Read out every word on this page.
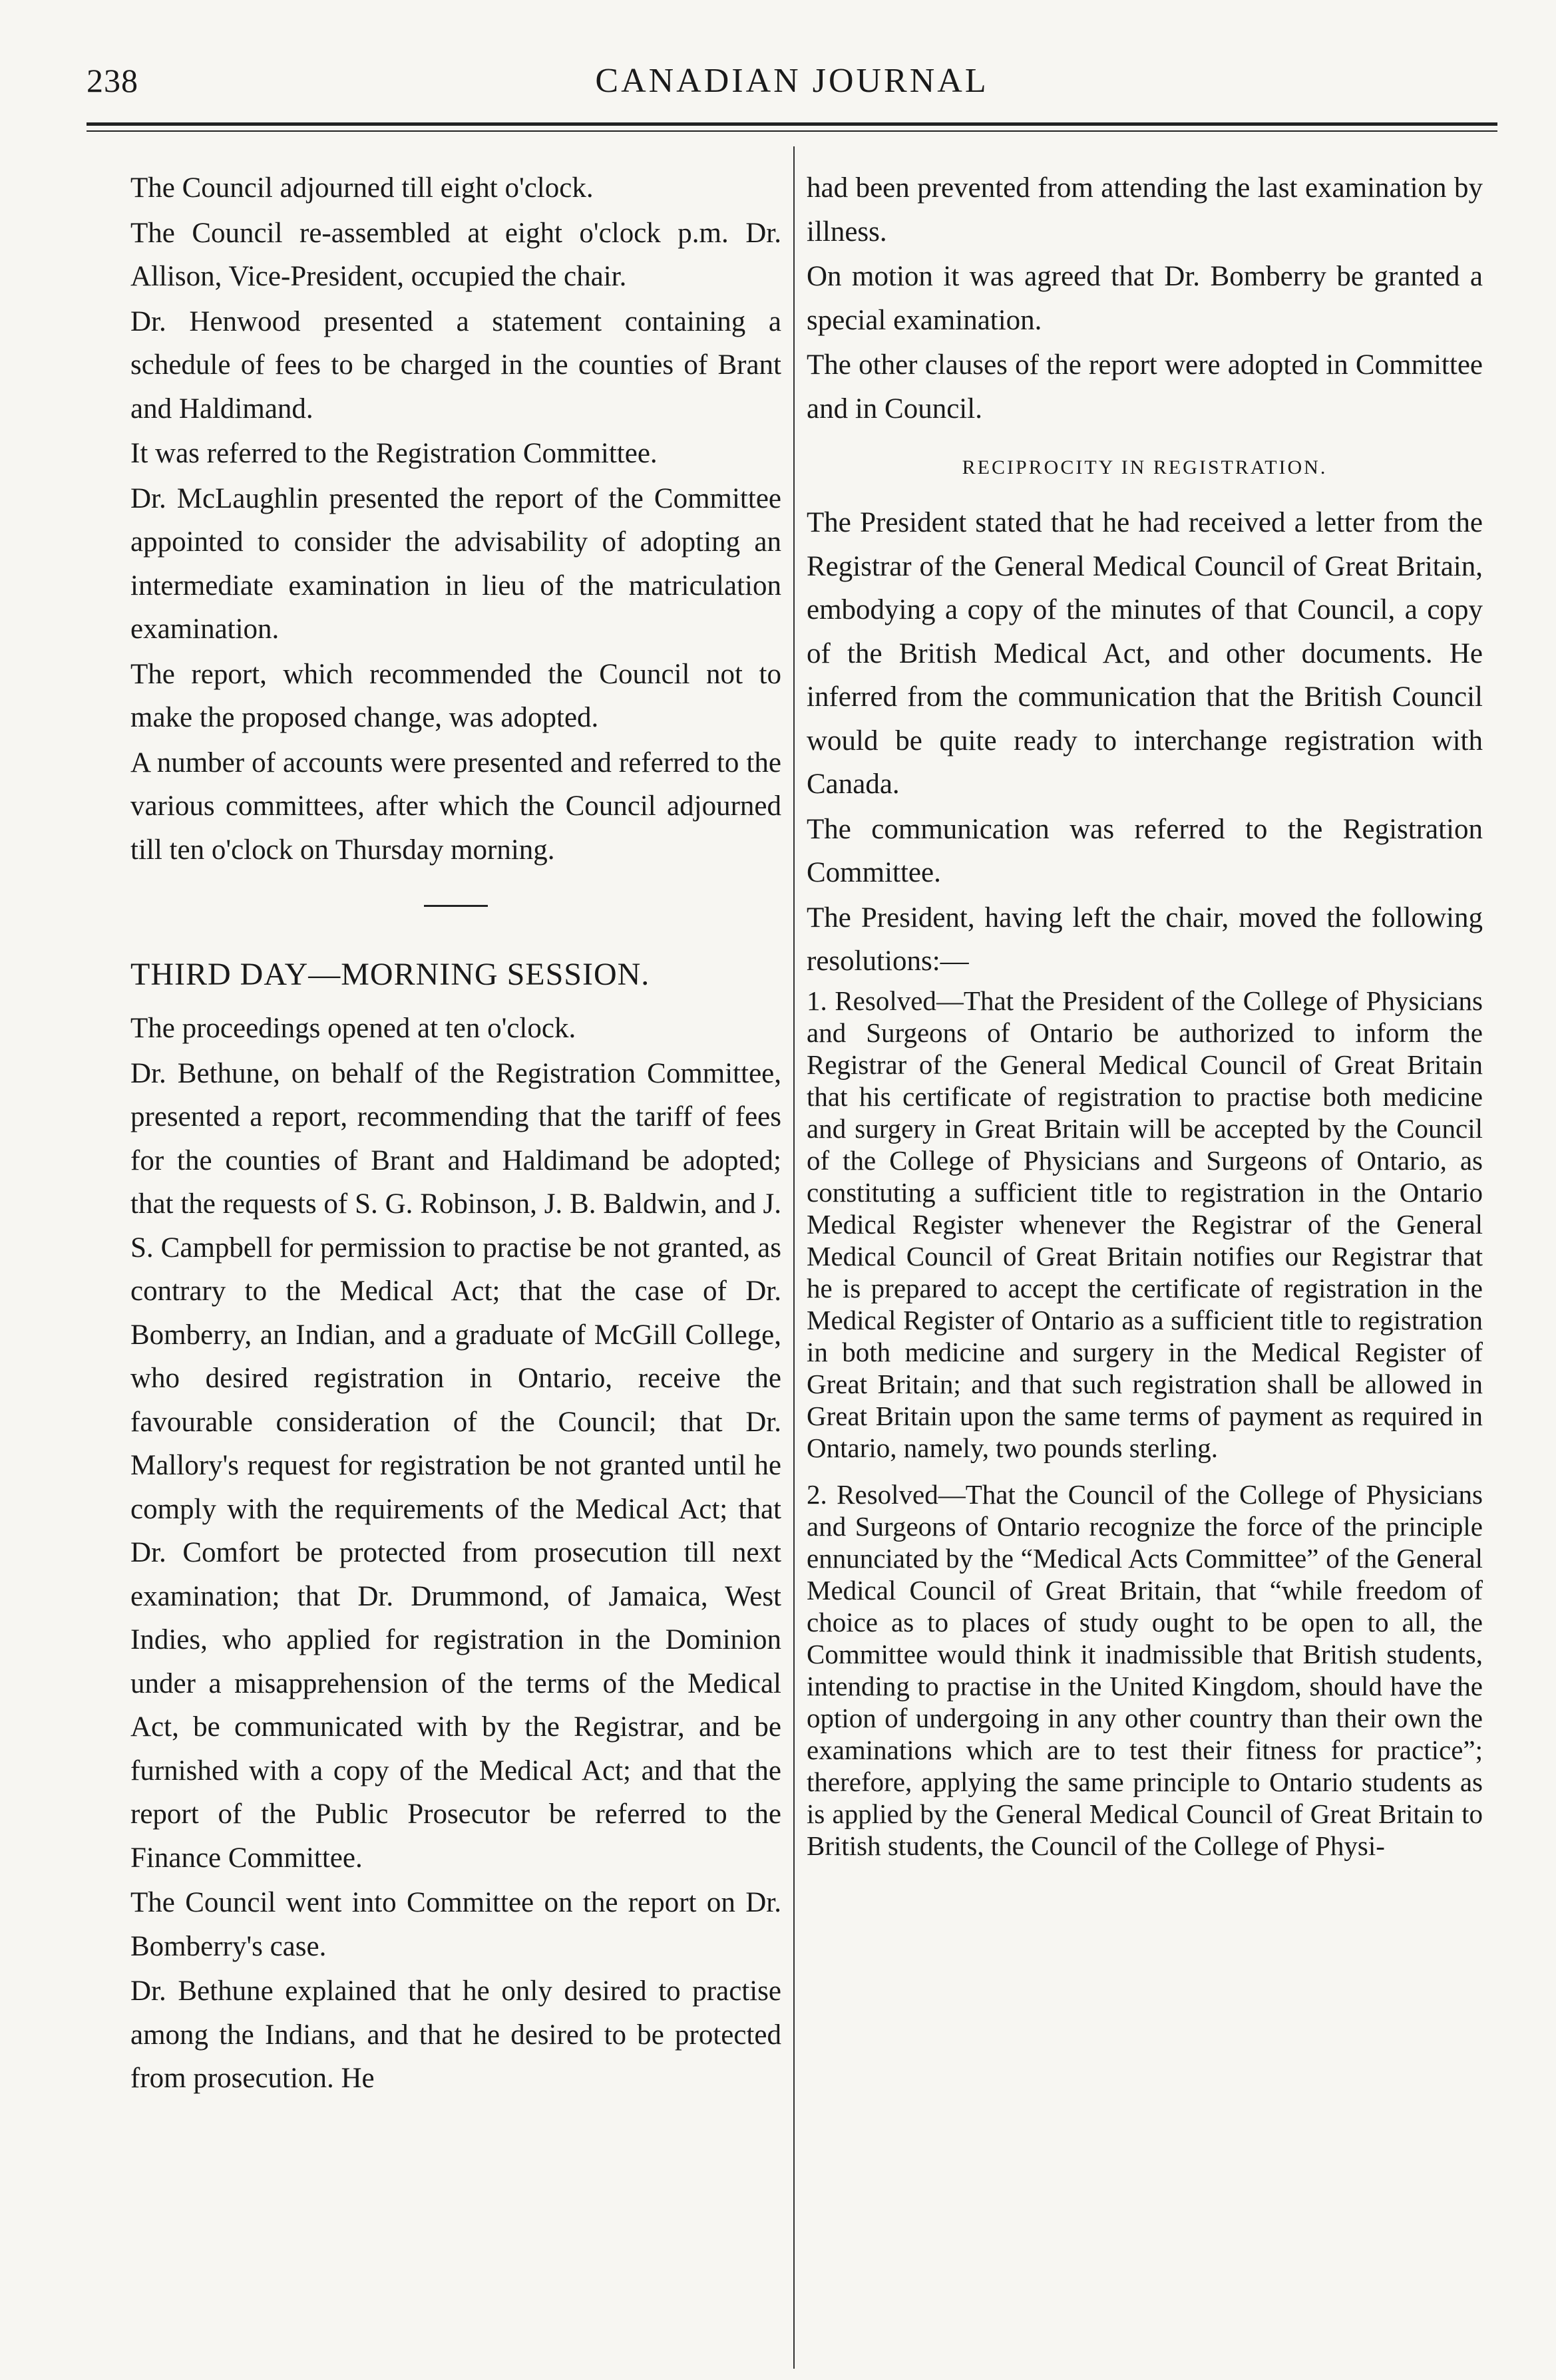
238	CANADIAN JOURNAL

The Council adjourned till eight o'clock.

The Council re-assembled at eight o'clock p.m. Dr. Allison, Vice-President, occupied the chair.

Dr. Henwood presented a statement containing a schedule of fees to be charged in the counties of Brant and Haldimand.

It was referred to the Registration Committee.

Dr. McLaughlin presented the report of the Committee appointed to consider the advisability of adopting an intermediate examination in lieu of the matriculation examination.

The report, which recommended the Council not to make the proposed change, was adopted.

A number of accounts were presented and referred to the various committees, after which the Council adjourned till ten o'clock on Thursday morning.

THIRD DAY—MORNING SESSION.

The proceedings opened at ten o'clock.

Dr. Bethune, on behalf of the Registration Committee, presented a report, recommending that the tariff of fees for the counties of Brant and Haldimand be adopted; that the requests of S. G. Robinson, J. B. Baldwin, and J. S. Campbell for permission to practise be not granted, as contrary to the Medical Act; that the case of Dr. Bomberry, an Indian, and a graduate of McGill College, who desired registration in Ontario, receive the favourable consideration of the Council; that Dr. Mallory's request for registration be not granted until he comply with the requirements of the Medical Act; that Dr. Comfort be protected from prosecution till next examination; that Dr. Drummond, of Jamaica, West Indies, who applied for registration in the Dominion under a misapprehension of the terms of the Medical Act, be communicated with by the Registrar, and be furnished with a copy of the Medical Act; and that the report of the Public Prosecutor be referred to the Finance Committee.

The Council went into Committee on the report on Dr. Bomberry's case.

Dr. Bethune explained that he only desired to practise among the Indians, and that he desired to be protected from prosecution. He

had been prevented from attending the last examination by illness.

On motion it was agreed that Dr. Bomberry be granted a special examination.

The other clauses of the report were adopted in Committee and in Council.

RECIPROCITY IN REGISTRATION.

The President stated that he had received a letter from the Registrar of the General Medical Council of Great Britain, embodying a copy of the minutes of that Council, a copy of the British Medical Act, and other documents. He inferred from the communication that the British Council would be quite ready to interchange registration with Canada.

The communication was referred to the Registration Committee.

The President, having left the chair, moved the following resolutions:—

1. Resolved—That the President of the College of Physicians and Surgeons of Ontario be authorized to inform the Registrar of the General Medical Council of Great Britain that his certificate of registration to practise both medicine and surgery in Great Britain will be accepted by the Council of the College of Physicians and Surgeons of Ontario, as constituting a sufficient title to registration in the Ontario Medical Register whenever the Registrar of the General Medical Council of Great Britain notifies our Registrar that he is prepared to accept the certificate of registration in the Medical Register of Ontario as a sufficient title to registration in both medicine and surgery in the Medical Register of Great Britain; and that such registration shall be allowed in Great Britain upon the same terms of payment as required in Ontario, namely, two pounds sterling.

2. Resolved—That the Council of the College of Physicians and Surgeons of Ontario recognize the force of the principle ennunciated by the “Medical Acts Committee” of the General Medical Council of Great Britain, that “while freedom of choice as to places of study ought to be open to all, the Committee would think it inadmissible that British students, intending to practise in the United Kingdom, should have the option of undergoing in any other country than their own the examinations which are to test their fitness for practice”; therefore, applying the same principle to Ontario students as is applied by the General Medical Council of Great Britain to British students, the Council of the College of Physi-
